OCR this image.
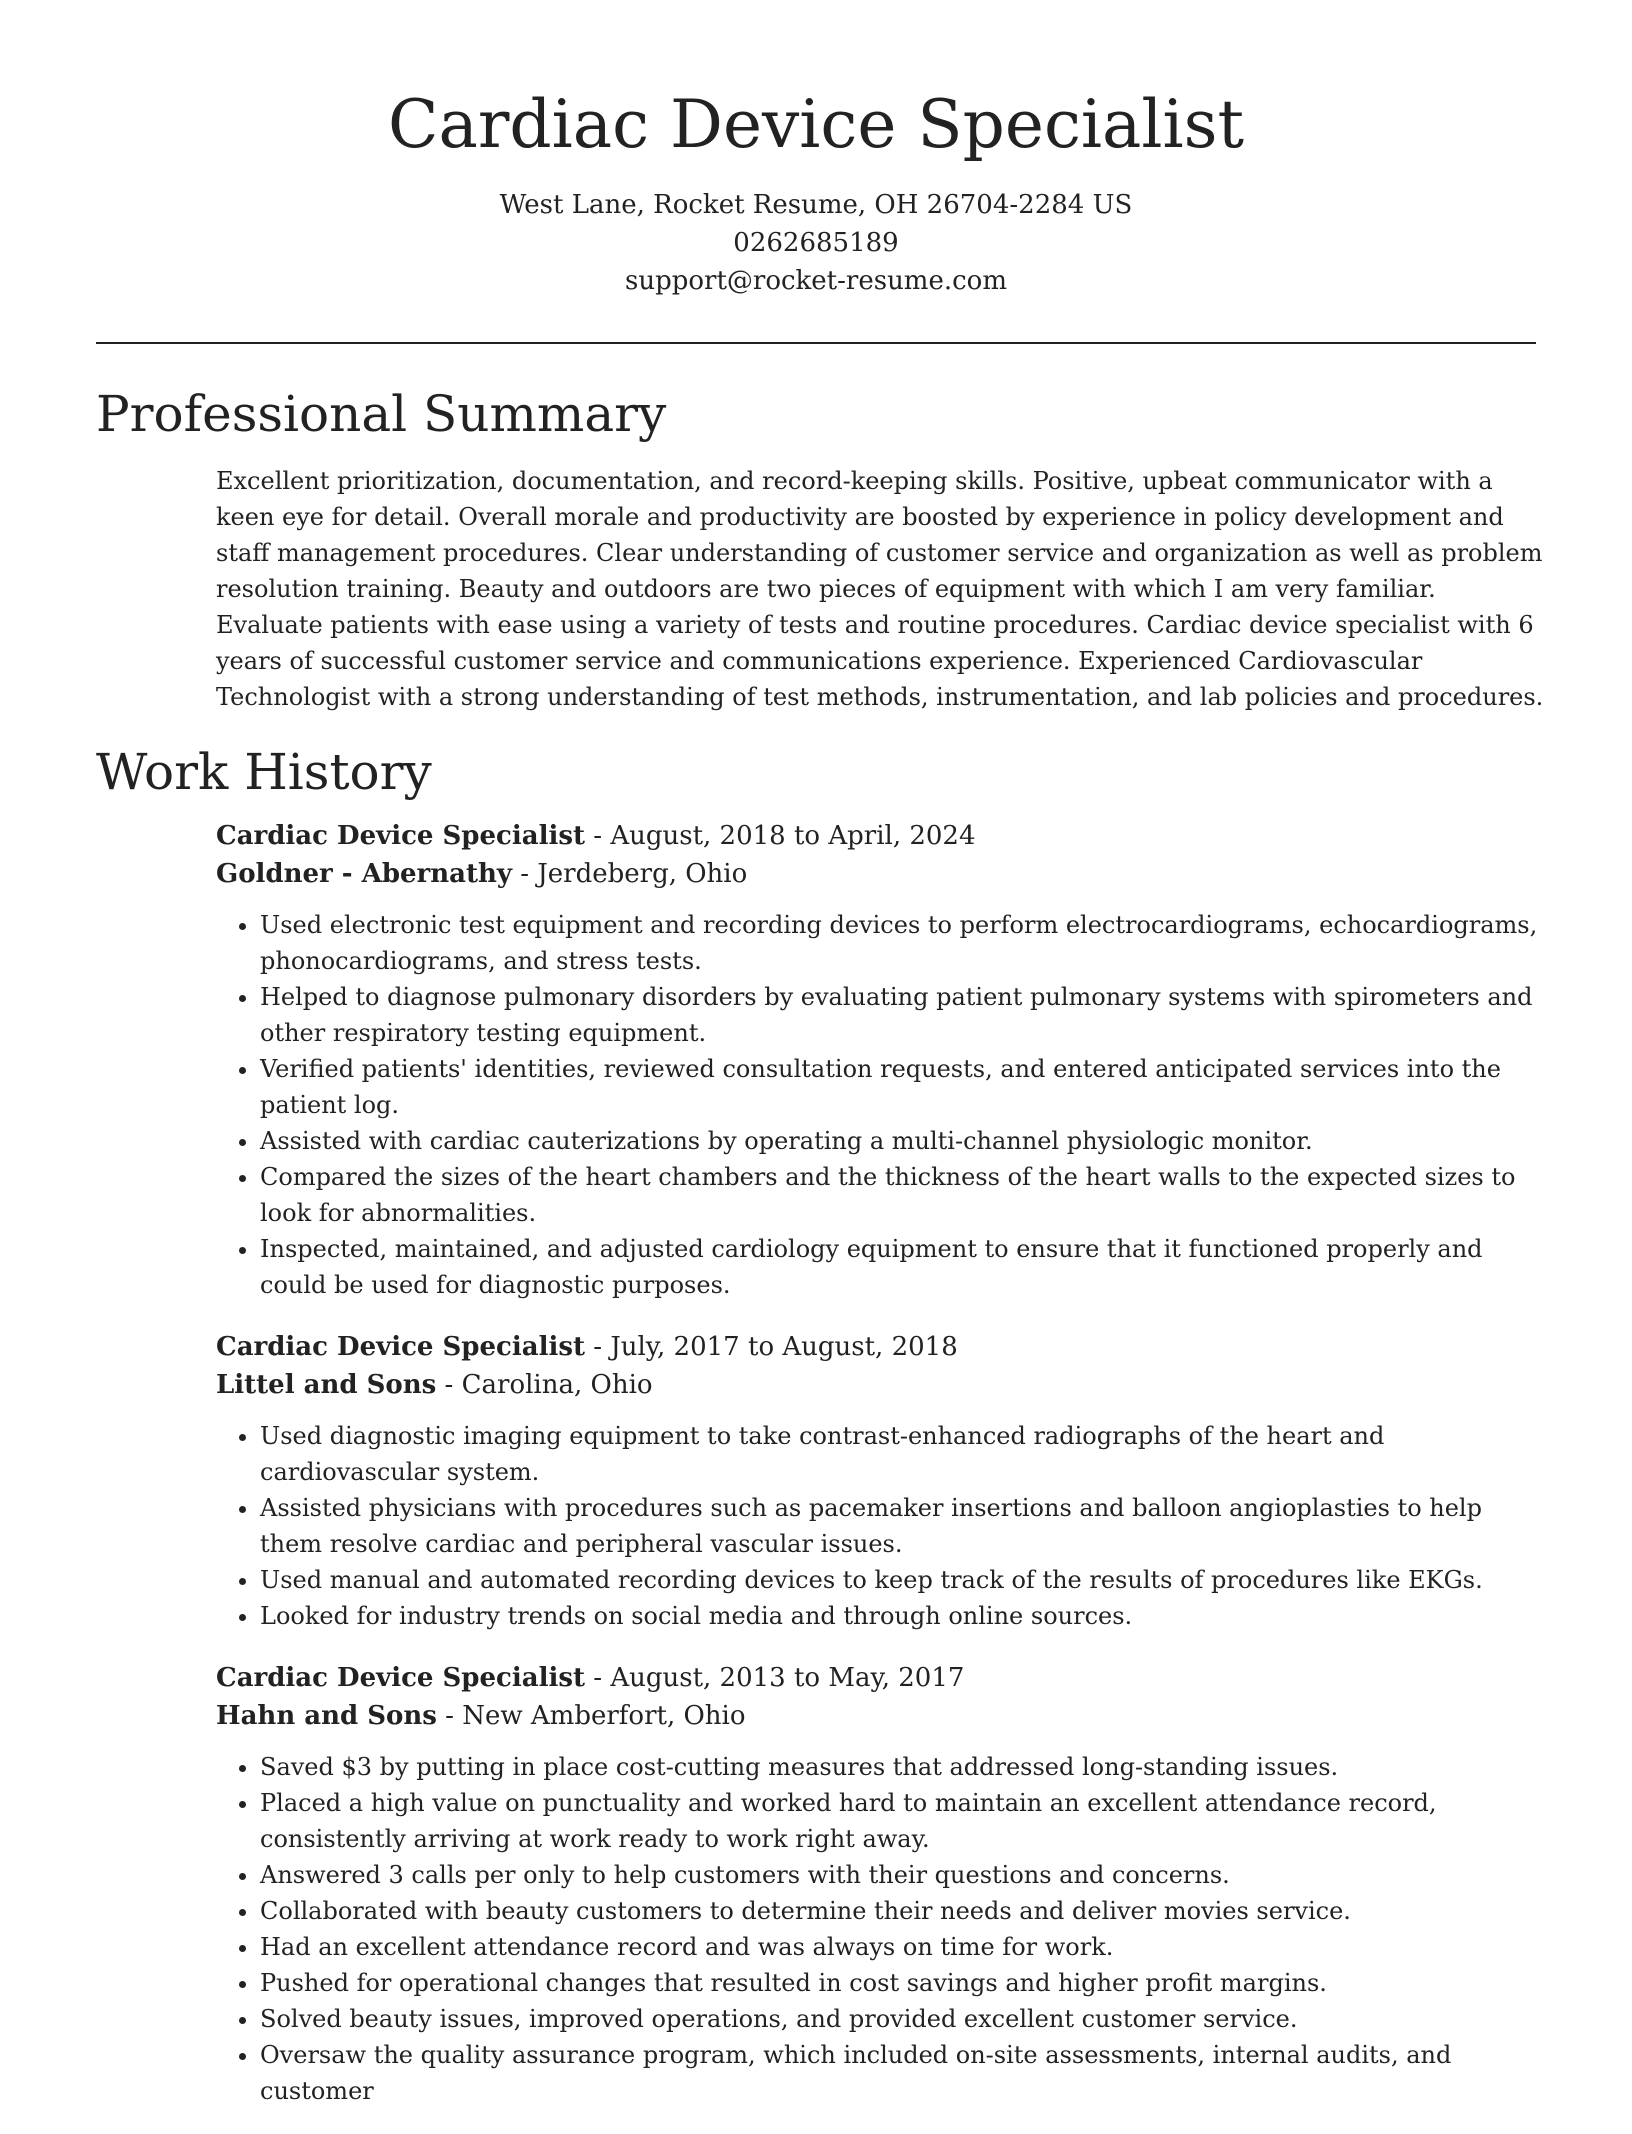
Cardiac Device Specialist

West Lane, Rocket Resume, OH 26704-2284 US

0262685189

support@rocket-resume.com

Professional Summary

Excellent prioritization, documentation, and record-keeping skills. Positive, upbeat communicator with a keen eye for detail. Overall morale and productivity are boosted by experience in policy development and staff management procedures. Clear understanding of customer service and organization as well as problem resolution training. Beauty and outdoors are two pieces of equipment with which I am very familiar. Evaluate patients with ease using a variety of tests and routine procedures. Cardiac device specialist with 6 years of successful customer service and communications experience. Experienced Cardiovascular Technologist with a strong understanding of test methods, instrumentation, and lab policies and procedures.

Work History

Cardiac Device Specialist - August, 2018 to April, 2024

Goldner - Abernathy - Jerdeberg, Ohio

• Used electronic test equipment and recording devices to perform electrocardiograms, echocardiograms, phonocardiograms, and stress tests.
• Helped to diagnose pulmonary disorders by evaluating patient pulmonary systems with spirometers and other respiratory testing equipment.
• Verified patients' identities, reviewed consultation requests, and entered anticipated services into the patient log.
• Assisted with cardiac cauterizations by operating a multi-channel physiologic monitor.
• Compared the sizes of the heart chambers and the thickness of the heart walls to the expected sizes to look for abnormalities.
• Inspected, maintained, and adjusted cardiology equipment to ensure that it functioned properly and could be used for diagnostic purposes.

Cardiac Device Specialist - July, 2017 to August, 2018

Littel and Sons - Carolina, Ohio

• Used diagnostic imaging equipment to take contrast-enhanced radiographs of the heart and cardiovascular system.
• Assisted physicians with procedures such as pacemaker insertions and balloon angioplasties to help them resolve cardiac and peripheral vascular issues.
• Used manual and automated recording devices to keep track of the results of procedures like EKGs.
• Looked for industry trends on social media and through online sources.

Cardiac Device Specialist - August, 2013 to May, 2017

Hahn and Sons - New Amberfort, Ohio

• Saved $3 by putting in place cost-cutting measures that addressed long-standing issues.
• Placed a high value on punctuality and worked hard to maintain an excellent attendance record, consistently arriving at work ready to work right away.
• Answered 3 calls per only to help customers with their questions and concerns.
• Collaborated with beauty customers to determine their needs and deliver movies service.
• Had an excellent attendance record and was always on time for work.
• Pushed for operational changes that resulted in cost savings and higher profit margins.
• Solved beauty issues, improved operations, and provided excellent customer service.
• Oversaw the quality assurance program, which included on-site assessments, internal audits, and customer
